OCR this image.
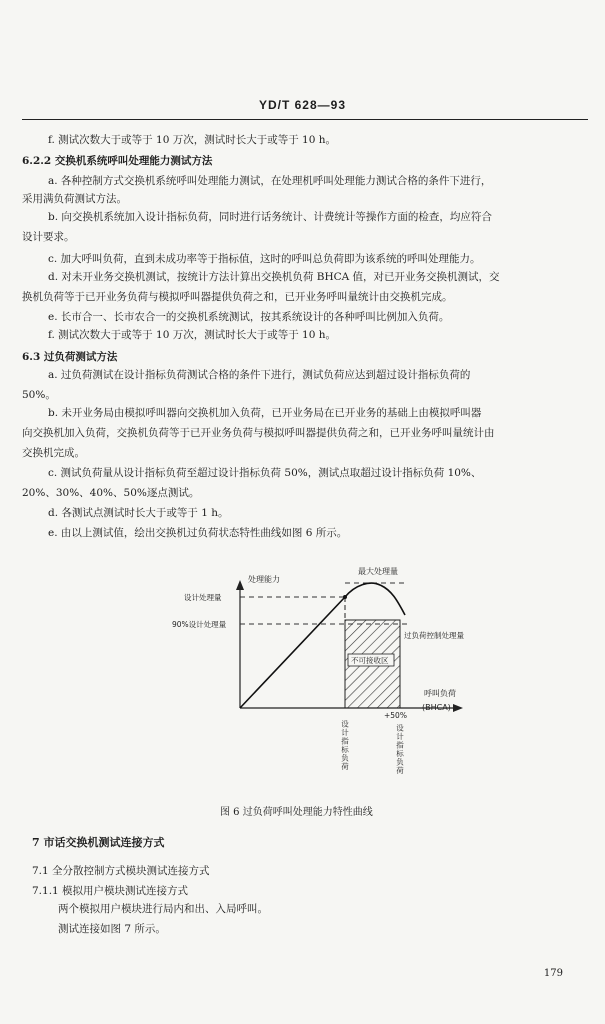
YD/T 628—93
f. 测试次数大于或等于 10 万次，测试时长大于或等于 10 h。
6.2.2 交换机系统呼叫处理能力测试方法
a. 各种控制方式交换机系统呼叫处理能力测试，在处理机呼叫处理能力测试合格的条件下进行，
采用满负荷测试方法。
b. 向交换机系统加入设计指标负荷，同时进行话务统计、计费统计等操作方面的检查，均应符合
设计要求。
c. 加大呼叫负荷，直到未成功率等于指标值，这时的呼叫总负荷即为该系统的呼叫处理能力。
d. 对未开业务交换机测试，按统计方法计算出交换机负荷 BHCA 值，对已开业务交换机测试，交
换机负荷等于已开业务负荷与模拟呼叫器提供负荷之和，已开业务呼叫量统计由交换机完成。
e. 长市合一、长市农合一的交换机系统测试，按其系统设计的各种呼叫比例加入负荷。
f. 测试次数大于或等于 10 万次，测试时长大于或等于 10 h。
6.3 过负荷测试方法
a. 过负荷测试在设计指标负荷测试合格的条件下进行，测试负荷应达到超过设计指标负荷的
50%。
b. 未开业务局由模拟呼叫器向交换机加入负荷，已开业务局在已开业务的基础上由模拟呼叫器
向交换机加入负荷，交换机负荷等于已开业务负荷与模拟呼叫器提供负荷之和，已开业务呼叫量统计由
交换机完成。
c. 测试负荷量从设计指标负荷至超过设计指标负荷 50%，测试点取超过设计指标负荷 10%、
20%、30%、40%、50%逐点测试。
d. 各测试点测试时长大于或等于 1 h。
e. 由以上测试值，绘出交换机过负荷状态特性曲线如图 6 所示。
处理能力
最大处理量
设计处理量
90%设计处理量
过负荷控制处理量
不可接收区
呼叫负荷
(BHCA)
+50%
设计指标负荷	设计指标负荷
图 6 过负荷呼叫处理能力特性曲线
7 市话交换机测试连接方式
7.1 全分散控制方式模块测试连接方式
7.1.1 模拟用户模块测试连接方式
两个模拟用户模块进行局内和出、入局呼叫。
测试连接如图 7 所示。
179
